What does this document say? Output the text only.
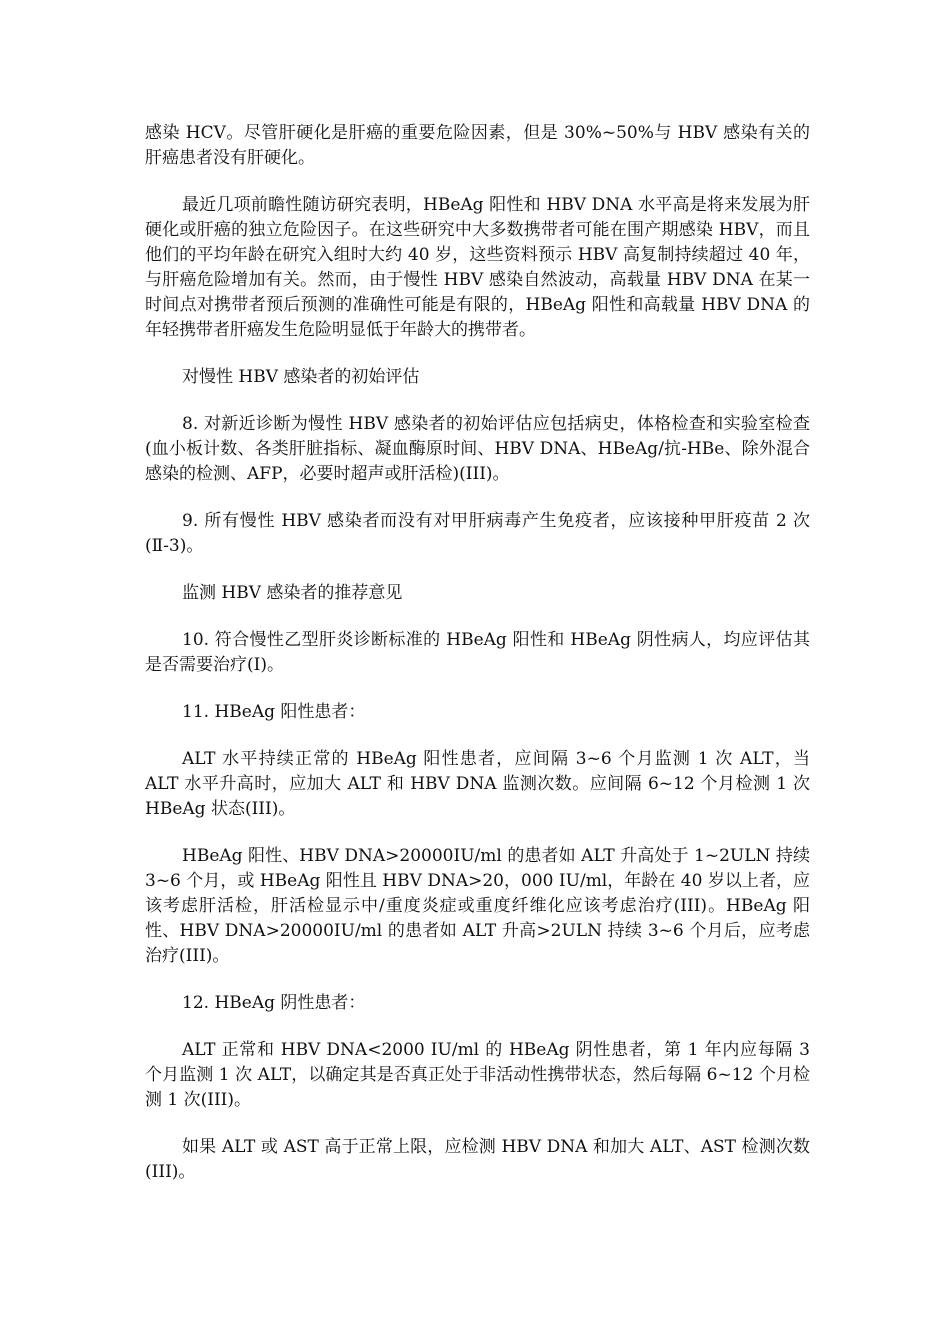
感染 HCV。尽管肝硬化是肝癌的重要危险因素，但是 30%~50%与 HBV 感染有关的肝癌患者没有肝硬化。

最近几项前瞻性随访研究表明，HBeAg 阳性和 HBV DNA 水平高是将来发展为肝硬化或肝癌的独立危险因子。在这些研究中大多数携带者可能在围产期感染 HBV，而且他们的平均年龄在研究入组时大约 40 岁，这些资料预示 HBV 高复制持续超过 40 年，与肝癌危险增加有关。然而，由于慢性 HBV 感染自然波动，高载量 HBV DNA 在某一时间点对携带者预后预测的准确性可能是有限的，HBeAg 阳性和高载量 HBV DNA 的年轻携带者肝癌发生危险明显低于年龄大的携带者。

对慢性 HBV 感染者的初始评估

8. 对新近诊断为慢性 HBV 感染者的初始评估应包括病史，体格检查和实验室检查(血小板计数、各类肝脏指标、凝血酶原时间、HBV DNA、HBeAg/抗-HBe、除外混合感染的检测、AFP，必要时超声或肝活检)(III)。

9. 所有慢性 HBV 感染者而没有对甲肝病毒产生免疫者，应该接种甲肝疫苗 2 次(Ⅱ-3)。

监测 HBV 感染者的推荐意见

10. 符合慢性乙型肝炎诊断标准的 HBeAg 阳性和 HBeAg 阴性病人，均应评估其是否需要治疗(Ⅰ)。

11. HBeAg 阳性患者：

ALT 水平持续正常的 HBeAg 阳性患者，应间隔 3~6 个月监测 1 次 ALT，当 ALT 水平升高时，应加大 ALT 和 HBV DNA 监测次数。应间隔 6~12 个月检测 1 次 HBeAg 状态(III)。

HBeAg 阳性、HBV DNA>20000IU/ml 的患者如 ALT 升高处于 1~2ULN 持续 3~6 个月，或 HBeAg 阳性且 HBV DNA>20，000 IU/ml，年龄在 40 岁以上者，应该考虑肝活检，肝活检显示中/重度炎症或重度纤维化应该考虑治疗(III)。HBeAg 阳性、HBV DNA>20000IU/ml 的患者如 ALT 升高>2ULN 持续 3~6 个月后，应考虑治疗(III)。

12. HBeAg 阴性患者：

ALT 正常和 HBV DNA<2000 IU/ml 的 HBeAg 阴性患者，第 1 年内应每隔 3 个月监测 1 次 ALT，以确定其是否真正处于非活动性携带状态，然后每隔 6~12 个月检测 1 次(III)。

如果 ALT 或 AST 高于正常上限，应检测 HBV DNA 和加大 ALT、AST 检测次数(III)。
